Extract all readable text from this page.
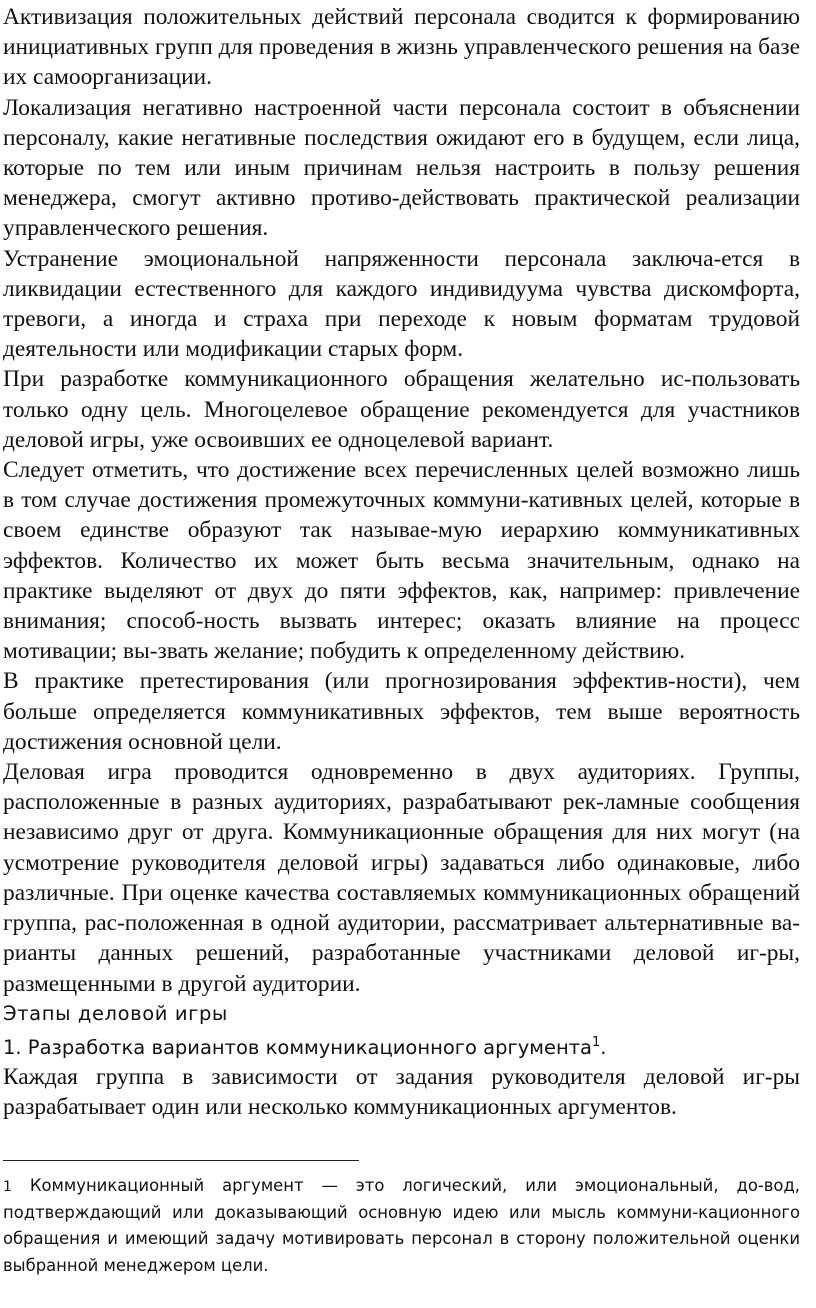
Активизация положительных действий персонала сводится к формированию инициативных групп для проведения в жизнь управленческого решения на базе их самоорганизации.

Локализация негативно настроенной части персонала состоит в объяснении персоналу, какие негативные последствия ожидают его в будущем, если лица, которые по тем или иным причинам нельзя настроить в пользу решения менеджера, смогут активно противо-действовать практической реализации управленческого решения.

Устранение эмоциональной напряженности персонала заключа-ется в ликвидации естественного для каждого индивидуума чувства дискомфорта, тревоги, а иногда и страха при переходе к новым форматам трудовой деятельности или модификации старых форм.

При разработке коммуникационного обращения желательно ис-пользовать только одну цель. Многоцелевое обращение рекомендуется для участников деловой игры, уже освоивших ее одноцелевой вариант.

Следует отметить, что достижение всех перечисленных целей возможно лишь в том случае достижения промежуточных коммуни-кативных целей, которые в своем единстве образуют так называе-мую иерархию коммуникативных эффектов. Количество их может быть весьма значительным, однако на практике выделяют от двух до пяти эффектов, как, например: привлечение внимания; способ-ность вызвать интерес; оказать влияние на процесс мотивации; вы-звать желание; побудить к определенному действию.

В практике претестирования (или прогнозирования эффектив-ности), чем больше определяется коммуникативных эффектов, тем выше вероятность достижения основной цели.

Деловая игра проводится одновременно в двух аудиториях. Группы, расположенные в разных аудиториях, разрабатывают рек-ламные сообщения независимо друг от друга. Коммуникационные обращения для них могут (на усмотрение руководителя деловой игры) задаваться либо одинаковые, либо различные. При оценке качества составляемых коммуникационных обращений группа, рас-положенная в одной аудитории, рассматривает альтернативные ва-рианты данных решений, разработанные участниками деловой иг-ры, размещенными в другой аудитории.

Этапы деловой игры

1. Разработка вариантов коммуникационного аргумента$^1$.

Каждая группа в зависимости от задания руководителя деловой иг-ры разрабатывает один или несколько коммуникационных аргументов.

1 Коммуникационный аргумент — это логический, или эмоциональный, до-вод, подтверждающий или доказывающий основную идею или мысль коммуни-кационного обращения и имеющий задачу мотивировать персонал в сторону положительной оценки выбранной менеджером цели.
